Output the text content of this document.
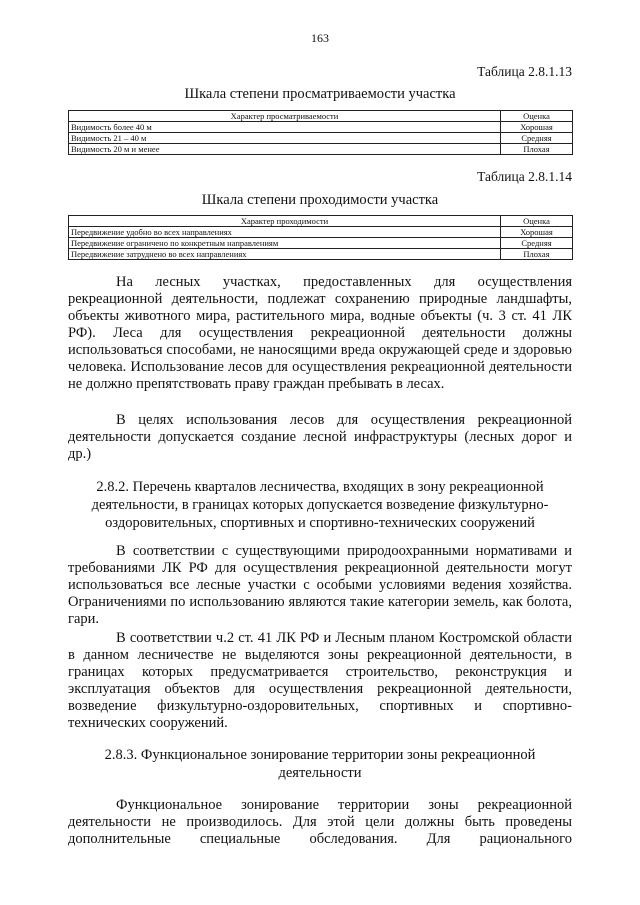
163
Таблица 2.8.1.13
Шкала степени просматриваемости участка
Характер просматриваемости	Оценка
Видимость более 40 м	Хорошая
Видимость 21 – 40 м	Средняя
Видимость 20 м и менее	Плохая
Таблица 2.8.1.14
Шкала степени проходимости участка
Характер проходимости	Оценка
Передвижение удобно во всех направлениях	Хорошая
Передвижение ограничено по конкретным направлениям	Средняя
Передвижение затруднено во всех направлениях	Плохая
На лесных участках, предоставленных для осуществления рекреационной деятельности, подлежат сохранению природные ландшафты, объекты животного мира, растительного мира, водные объекты (ч. 3 ст. 41 ЛК РФ). Леса для осуществления рекреационной деятельности должны использоваться способами, не наносящими вреда окружающей среде и здоровью человека. Использование лесов для осуществления рекреационной деятельности не должно препятствовать праву граждан пребывать в лесах.
В целях использования лесов для осуществления рекреационной деятельности допускается создание лесной инфраструктуры (лесных дорог и др.)
2.8.2. Перечень кварталов лесничества, входящих в зону рекреационной деятельности, в границах которых допускается возведение физкультурно-оздоровительных, спортивных и спортивно-технических сооружений
В соответствии с существующими природоохранными нормативами и требованиями ЛК РФ для осуществления рекреационной деятельности могут использоваться все лесные участки с особыми условиями ведения хозяйства. Ограничениями по использованию являются такие категории земель, как болота, гари.
В соответствии ч.2 ст. 41 ЛК РФ и Лесным планом Костромской области в данном лесничестве не выделяются зоны рекреационной деятельности, в границах которых предусматривается строительство, реконструкция и эксплуатация объектов для осуществления рекреационной деятельности, возведение физкультурно-оздоровительных, спортивных и спортивно-технических сооружений.
2.8.3. Функциональное зонирование территории зоны рекреационной деятельности
Функциональное зонирование территории зоны рекреационной деятельности не производилось. Для этой цели должны быть проведены дополнительные специальные обследования. Для рационального
